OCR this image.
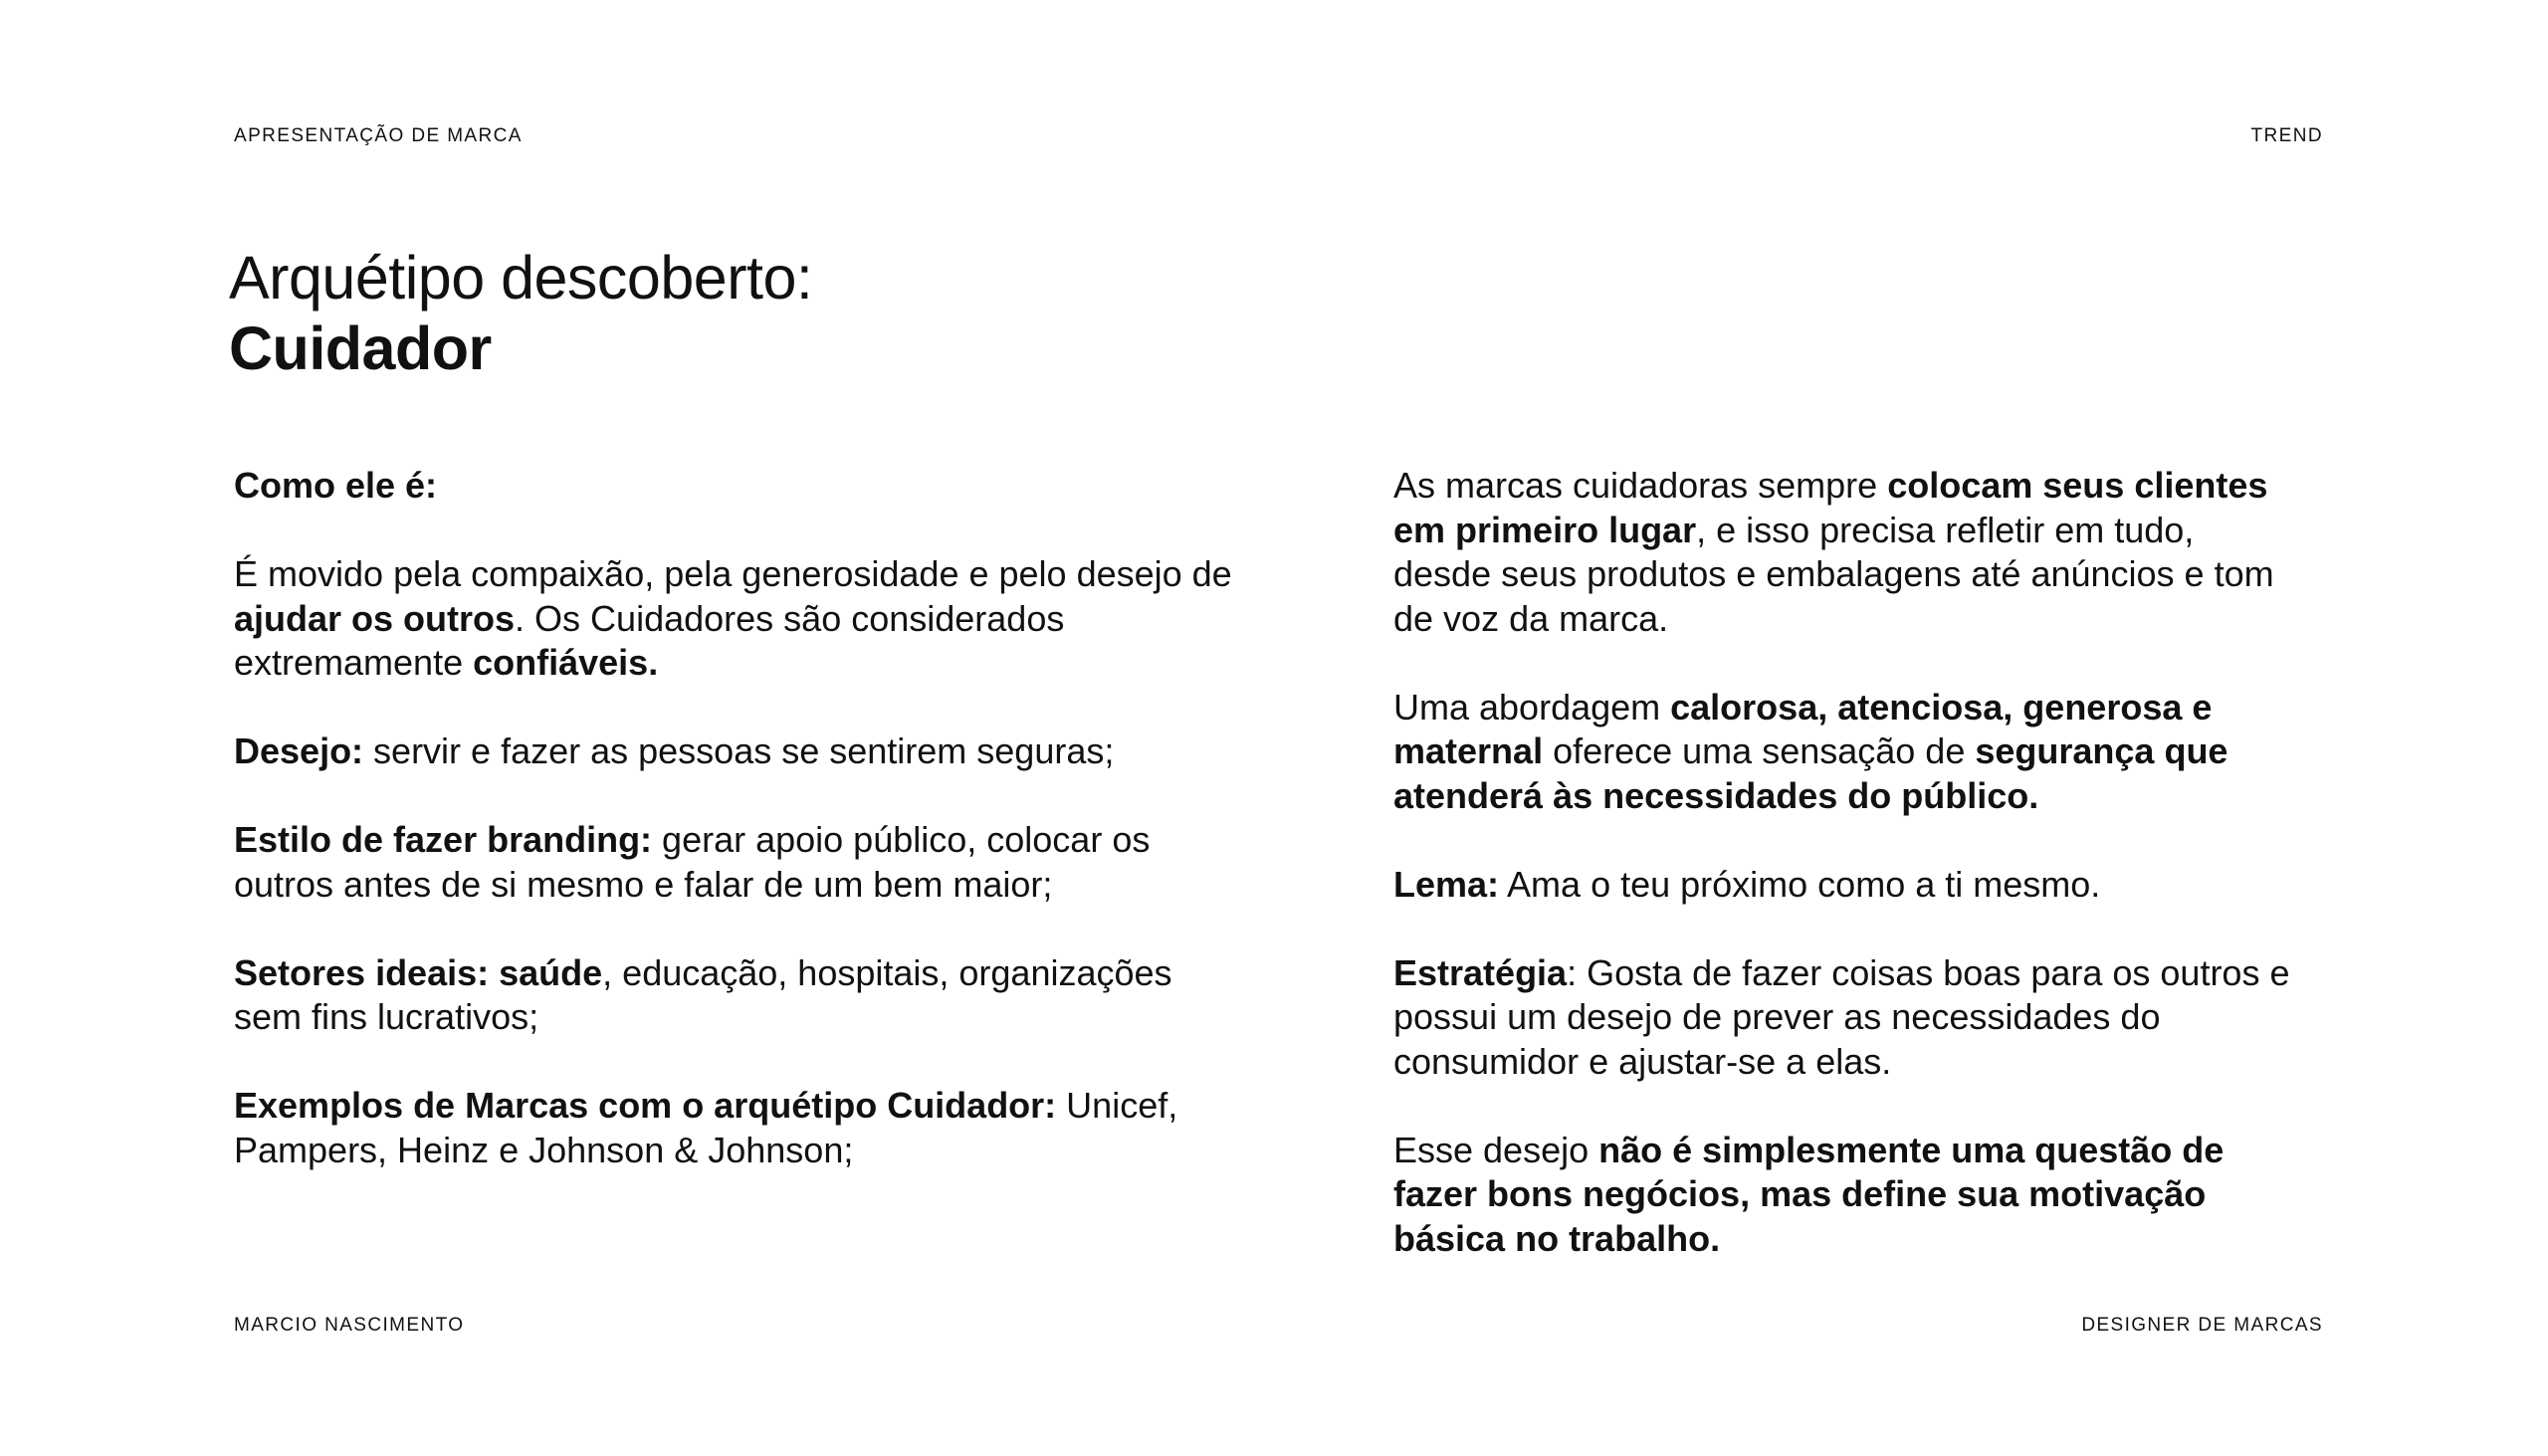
APRESENTAÇÃO DE MARCA	TREND
Arquétipo descoberto:
Cuidador

Como ele é:

É movido pela compaixão, pela generosidade e pelo desejo de
ajudar os outros. Os Cuidadores são considerados
extremamente confiáveis.

Desejo: servir e fazer as pessoas se sentirem seguras;

Estilo de fazer branding: gerar apoio público, colocar os
outros antes de si mesmo e falar de um bem maior;

Setores ideais: saúde, educação, hospitais, organizações
sem fins lucrativos;

Exemplos de Marcas com o arquétipo Cuidador: Unicef,
Pampers, Heinz e Johnson & Johnson;

As marcas cuidadoras sempre colocam seus clientes
em primeiro lugar, e isso precisa refletir em tudo,
desde seus produtos e embalagens até anúncios e tom
de voz da marca.

Uma abordagem calorosa, atenciosa, generosa e
maternal oferece uma sensação de segurança que
atenderá às necessidades do público.

Lema: Ama o teu próximo como a ti mesmo.

Estratégia: Gosta de fazer coisas boas para os outros e
possui um desejo de prever as necessidades do
consumidor e ajustar-se a elas.

Esse desejo não é simplesmente uma questão de
fazer bons negócios, mas define sua motivação
básica no trabalho.

MARCIO NASCIMENTO	DESIGNER DE MARCAS
